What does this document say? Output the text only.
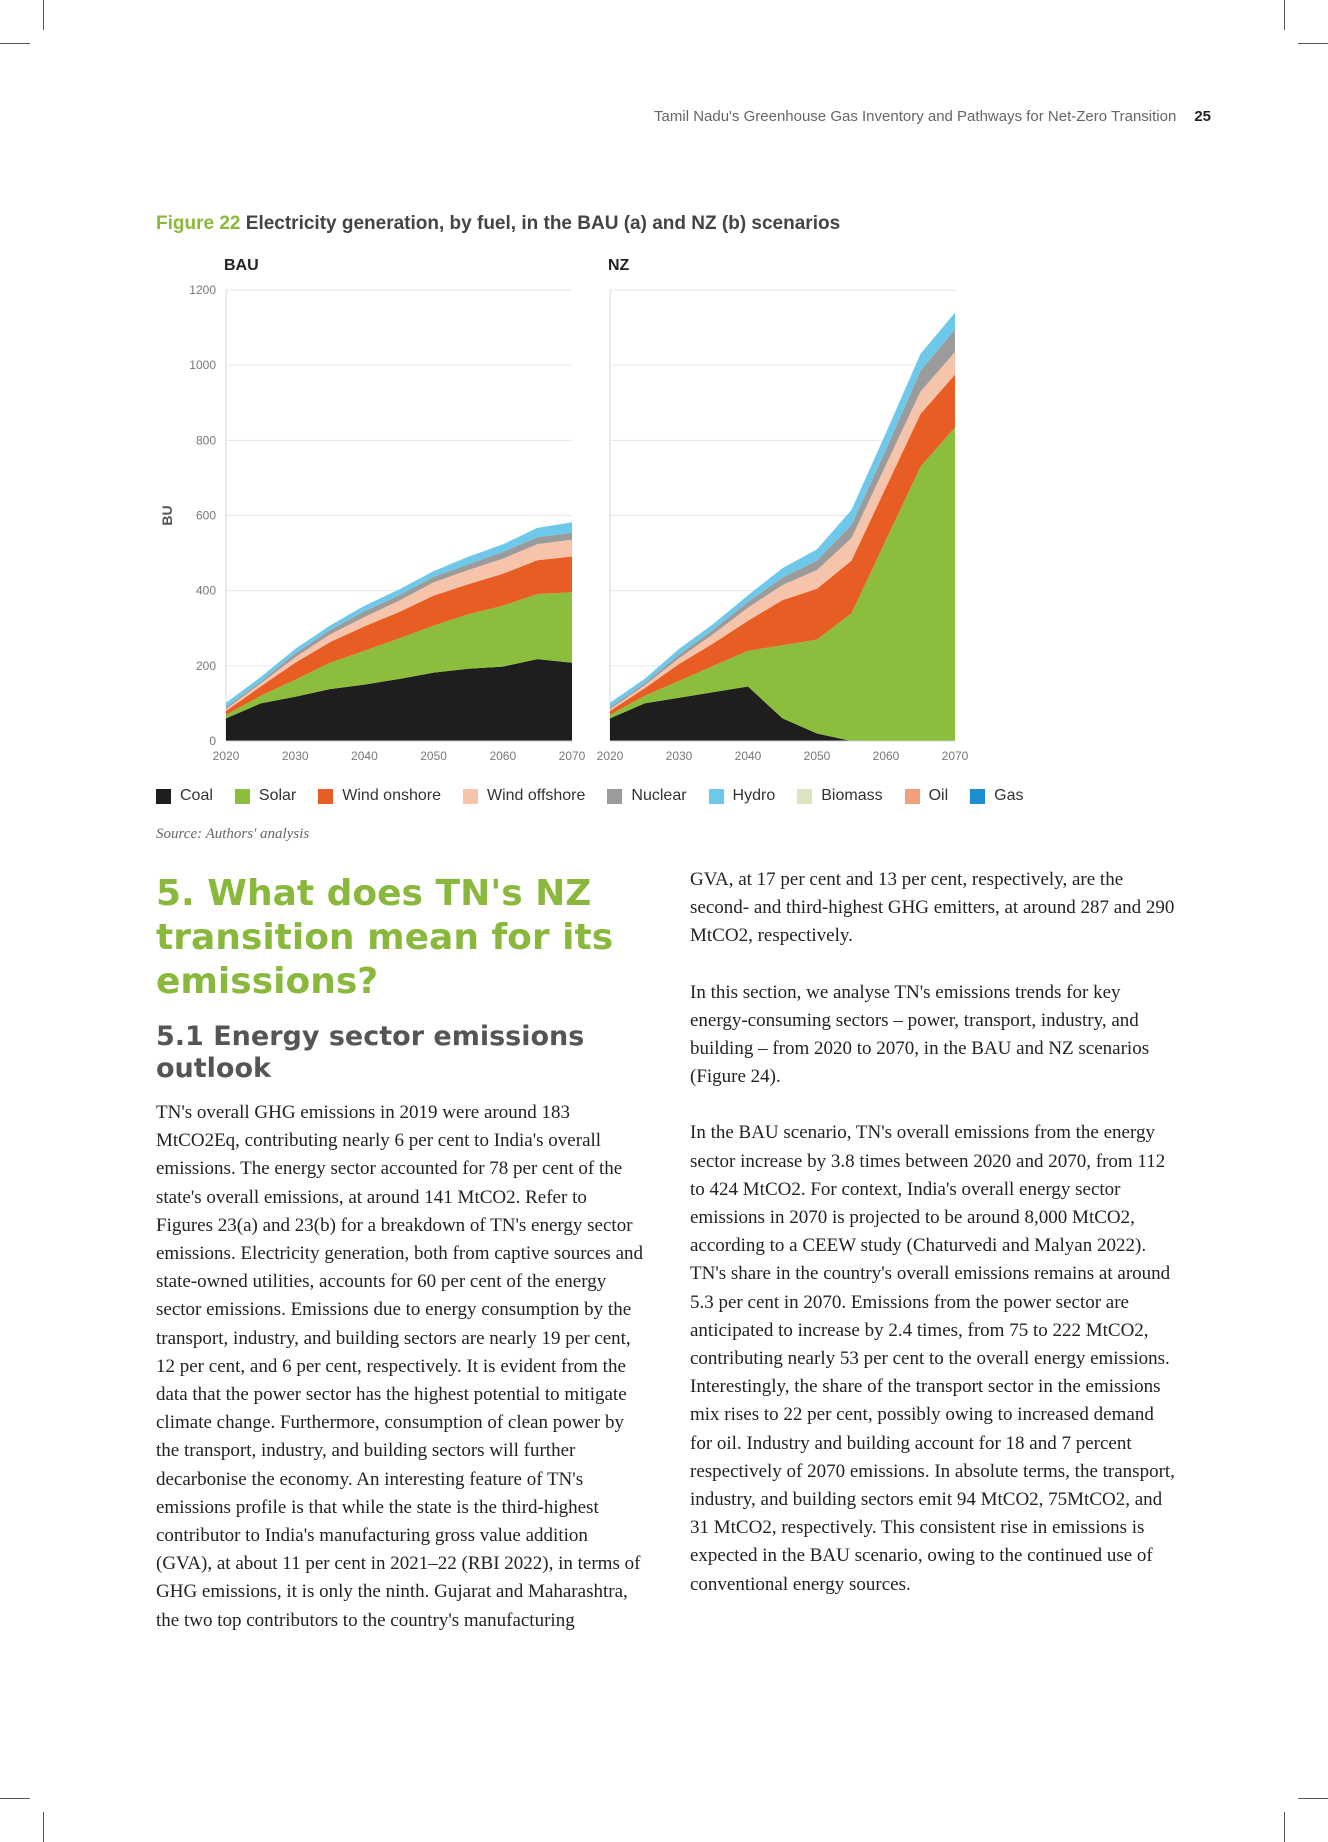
Tamil Nadu's Greenhouse Gas Inventory and Pathways for Net-Zero Transition 25
Figure 22 Electricity generation, by fuel, in the BAU (a) and NZ (b) scenarios
0
200
400
600
800
1000
1200
BU
BAU
2020	2030	2040	2050	2060	2070
NZ
2020	2030	2040	2050	2060	2070
Coal	Solar	Wind onshore	Wind offshore	Nuclear	Hydro	Biomass	Oil	Gas
Source: Authors' analysis
5. What does TN's NZ transition mean for its emissions?
5.1 Energy sector emissions outlook

TN's overall GHG emissions in 2019 were around 183 MtCO2Eq, contributing nearly 6 per cent to India's overall emissions. The energy sector accounted for 78 per cent of the state's overall emissions, at around 141 MtCO2. Refer to Figures 23(a) and 23(b) for a breakdown of TN's energy sector emissions. Electricity generation, both from captive sources and state-owned utilities, accounts for 60 per cent of the energy sector emissions. Emissions due to energy consumption by the transport, industry, and building sectors are nearly 19 per cent, 12 per cent, and 6 per cent, respectively. It is evident from the data that the power sector has the highest potential to mitigate climate change. Furthermore, consumption of clean power by the transport, industry, and building sectors will further decarbonise the economy. An interesting feature of TN's emissions profile is that while the state is the third-highest contributor to India's manufacturing gross value addition (GVA), at about 11 per cent in 2021–22 (RBI 2022), in terms of GHG emissions, it is only the ninth. Gujarat and Maharashtra, the two top contributors to the country's manufacturing

GVA, at 17 per cent and 13 per cent, respectively, are the second- and third-highest GHG emitters, at around 287 and 290 MtCO2, respectively.

In this section, we analyse TN's emissions trends for key energy-consuming sectors – power, transport, industry, and building – from 2020 to 2070, in the BAU and NZ scenarios (Figure 24).

In the BAU scenario, TN's overall emissions from the energy sector increase by 3.8 times between 2020 and 2070, from 112 to 424 MtCO2. For context, India's overall energy sector emissions in 2070 is projected to be around 8,000 MtCO2, according to a CEEW study (Chaturvedi and Malyan 2022). TN's share in the country's overall emissions remains at around 5.3 per cent in 2070. Emissions from the power sector are anticipated to increase by 2.4 times, from 75 to 222 MtCO2, contributing nearly 53 per cent to the overall energy emissions. Interestingly, the share of the transport sector in the emissions mix rises to 22 per cent, possibly owing to increased demand for oil. Industry and building account for 18 and 7 percent respectively of 2070 emissions. In absolute terms, the transport, industry, and building sectors emit 94 MtCO2, 75MtCO2, and 31 MtCO2, respectively. This consistent rise in emissions is expected in the BAU scenario, owing to the continued use of conventional energy sources.
